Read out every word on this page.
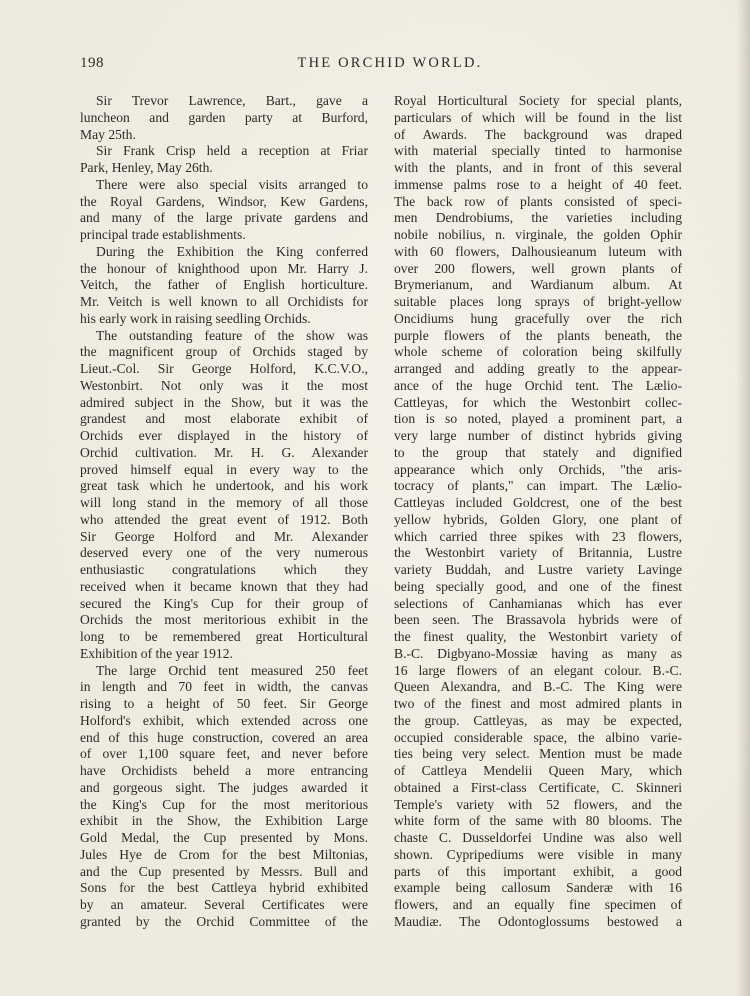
198	THE ORCHID WORLD.
Sir Trevor Lawrence, Bart., gave a
luncheon and garden party at Burford,
May 25th.
Sir Frank Crisp held a reception at Friar
Park, Henley, May 26th.
There were also special visits arranged to
the Royal Gardens, Windsor, Kew Gardens,
and many of the large private gardens and
principal trade establishments.
During the Exhibition the King conferred
the honour of knighthood upon Mr. Harry J.
Veitch, the father of English horticulture.
Mr. Veitch is well known to all Orchidists for
his early work in raising seedling Orchids.
The outstanding feature of the show was
the magnificent group of Orchids staged by
Lieut.-Col. Sir George Holford, K.C.V.O.,
Westonbirt. Not only was it the most
admired subject in the Show, but it was the
grandest and most elaborate exhibit of
Orchids ever displayed in the history of
Orchid cultivation. Mr. H. G. Alexander
proved himself equal in every way to the
great task which he undertook, and his work
will long stand in the memory of all those
who attended the great event of 1912. Both
Sir George Holford and Mr. Alexander
deserved every one of the very numerous
enthusiastic congratulations which they
received when it became known that they had
secured the King's Cup for their group of
Orchids the most meritorious exhibit in the
long to be remembered great Horticultural
Exhibition of the year 1912.
The large Orchid tent measured 250 feet
in length and 70 feet in width, the canvas
rising to a height of 50 feet. Sir George
Holford's exhibit, which extended across one
end of this huge construction, covered an area
of over 1,100 square feet, and never before
have Orchidists beheld a more entrancing
and gorgeous sight. The judges awarded it
the King's Cup for the most meritorious
exhibit in the Show, the Exhibition Large
Gold Medal, the Cup presented by Mons.
Jules Hye de Crom for the best Miltonias,
and the Cup presented by Messrs. Bull and
Sons for the best Cattleya hybrid exhibited
by an amateur. Several Certificates were
granted by the Orchid Committee of the
Royal Horticultural Society for special plants,
particulars of which will be found in the list
of Awards. The background was draped
with material specially tinted to harmonise
with the plants, and in front of this several
immense palms rose to a height of 40 feet.
The back row of plants consisted of speci-
men Dendrobiums, the varieties including
nobile nobilius, n. virginale, the golden Ophir
with 60 flowers, Dalhousieanum luteum with
over 200 flowers, well grown plants of
Brymerianum, and Wardianum album. At
suitable places long sprays of bright-yellow
Oncidiums hung gracefully over the rich
purple flowers of the plants beneath, the
whole scheme of coloration being skilfully
arranged and adding greatly to the appear-
ance of the huge Orchid tent. The Lælio-
Cattleyas, for which the Westonbirt collec-
tion is so noted, played a prominent part, a
very large number of distinct hybrids giving
to the group that stately and dignified
appearance which only Orchids, "the aris-
tocracy of plants," can impart. The Lælio-
Cattleyas included Goldcrest, one of the best
yellow hybrids, Golden Glory, one plant of
which carried three spikes with 23 flowers,
the Westonbirt variety of Britannia, Lustre
variety Buddah, and Lustre variety Lavinge
being specially good, and one of the finest
selections of Canhamianas which has ever
been seen. The Brassavola hybrids were of
the finest quality, the Westonbirt variety of
B.-C. Digbyano-Mossiæ having as many as
16 large flowers of an elegant colour. B.-C.
Queen Alexandra, and B.-C. The King were
two of the finest and most admired plants in
the group. Cattleyas, as may be expected,
occupied considerable space, the albino varie-
ties being very select. Mention must be made
of Cattleya Mendelii Queen Mary, which
obtained a First-class Certificate, C. Skinneri
Temple's variety with 52 flowers, and the
white form of the same with 80 blooms. The
chaste C. Dusseldorfei Undine was also well
shown. Cypripediums were visible in many
parts of this important exhibit, a good
example being callosum Sanderæ with 16
flowers, and an equally fine specimen of
Maudiæ. The Odontoglossums bestowed a
